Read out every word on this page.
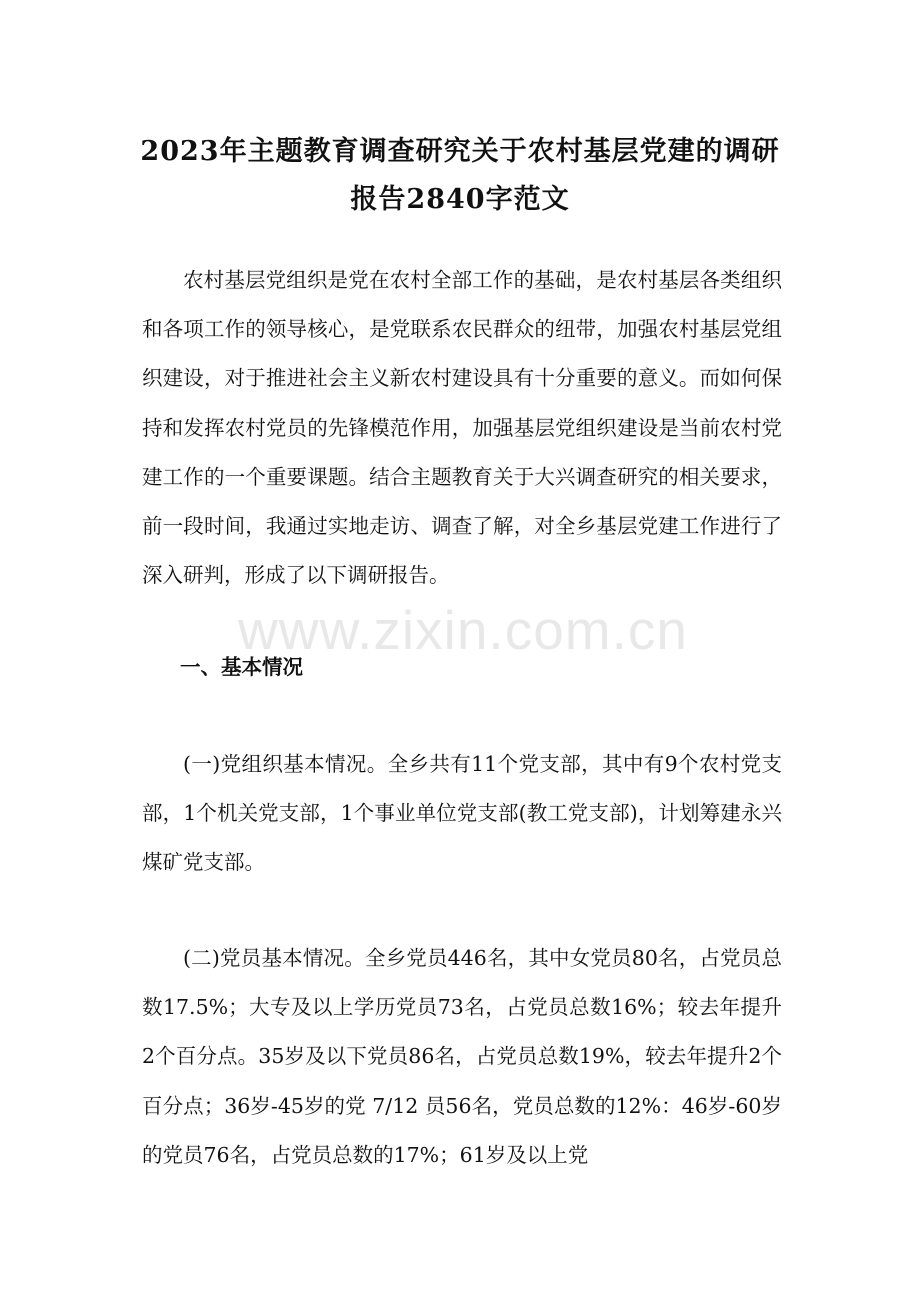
2023年主题教育调查研究关于农村基层党建的调研
报告2840字范文

农村基层党组织是党在农村全部工作的基础，是农村基层各类组织和各项工作的领导核心，是党联系农民群众的纽带，加强农村基层党组织建设，对于推进社会主义新农村建设具有十分重要的意义。而如何保持和发挥农村党员的先锋模范作用，加强基层党组织建设是当前农村党建工作的一个重要课题。结合主题教育关于大兴调查研究的相关要求，前一段时间，我通过实地走访、调查了解，对全乡基层党建工作进行了深入研判，形成了以下调研报告。

www.zixin.com.cn
一、基本情况

(一)党组织基本情况。全乡共有11个党支部，其中有9个农村党支部，1个机关党支部，1个事业单位党支部(教工党支部)，计划筹建永兴煤矿党支部。

(二)党员基本情况。全乡党员446名，其中女党员80名，占党员总数17.5%；大专及以上学历党员73名，占党员总数16%；较去年提升2个百分点。35岁及以下党员86名，占党员总数19%，较去年提升2个百分点；36岁-45岁的党 7/12 员56名，党员总数的12%：46岁-60岁的党员76名，占党员总数的17%；61岁及以上党
